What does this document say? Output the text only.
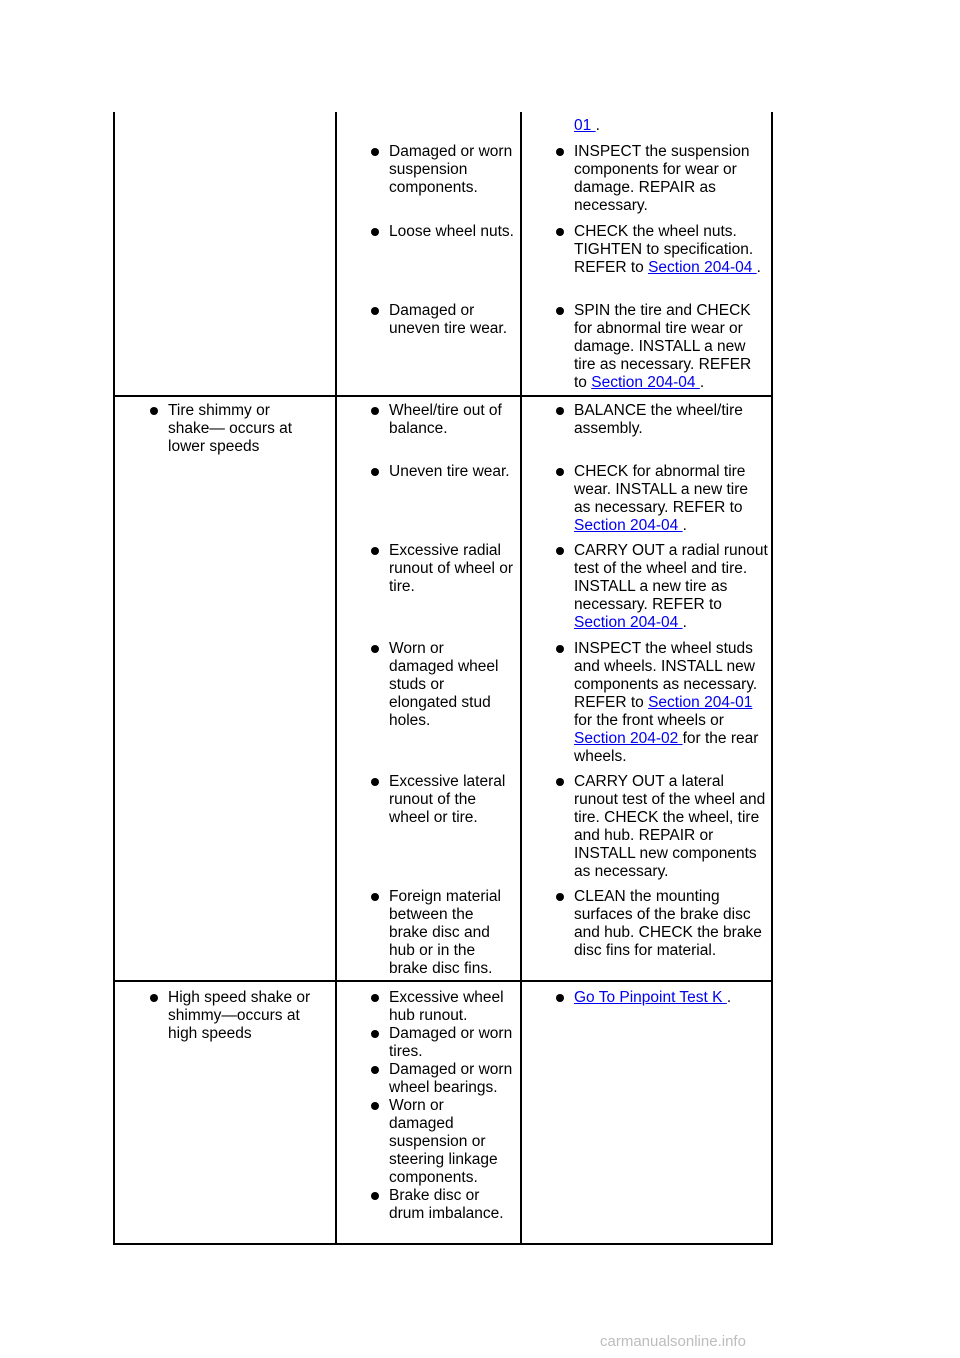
01 .
Damaged or worn suspension components.
INSPECT the suspension components for wear or damage. REPAIR as necessary.
Loose wheel nuts.	CHECK the wheel nuts. TIGHTEN to specification. REFER to Section 204-04 .
Damaged or uneven tire wear.
SPIN the tire and CHECK for abnormal tire wear or damage. INSTALL a new tire as necessary. REFER to Section 204-04 .
Tire shimmy or shake— occurs at lower speeds
Wheel/tire out of balance.
BALANCE the wheel/tire assembly.
Uneven tire wear.	CHECK for abnormal tire wear. INSTALL a new tire as necessary. REFER to Section 204-04 .
Excessive radial runout of wheel or tire.
CARRY OUT a radial runout test of the wheel and tire. INSTALL a new tire as necessary. REFER to Section 204-04 .
Worn or damaged wheel studs or elongated stud holes.
INSPECT the wheel studs and wheels. INSTALL new components as necessary. REFER to Section 204-01 for the front wheels or Section 204-02 for the rear wheels.
Excessive lateral runout of the wheel or tire.
CARRY OUT a lateral runout test of the wheel and tire. CHECK the wheel, tire and hub. REPAIR or INSTALL new components as necessary.
Foreign material between the brake disc and hub or in the brake disc fins.
CLEAN the mounting surfaces of the brake disc and hub. CHECK the brake disc fins for material.
High speed shake or shimmy—occurs at high speeds
Excessive wheel hub runout.
Damaged or worn tires.
Damaged or worn wheel bearings.
Worn or damaged suspension or steering linkage components.
Brake disc or drum imbalance.
Go To Pinpoint Test K .
carmanualsonline.info
